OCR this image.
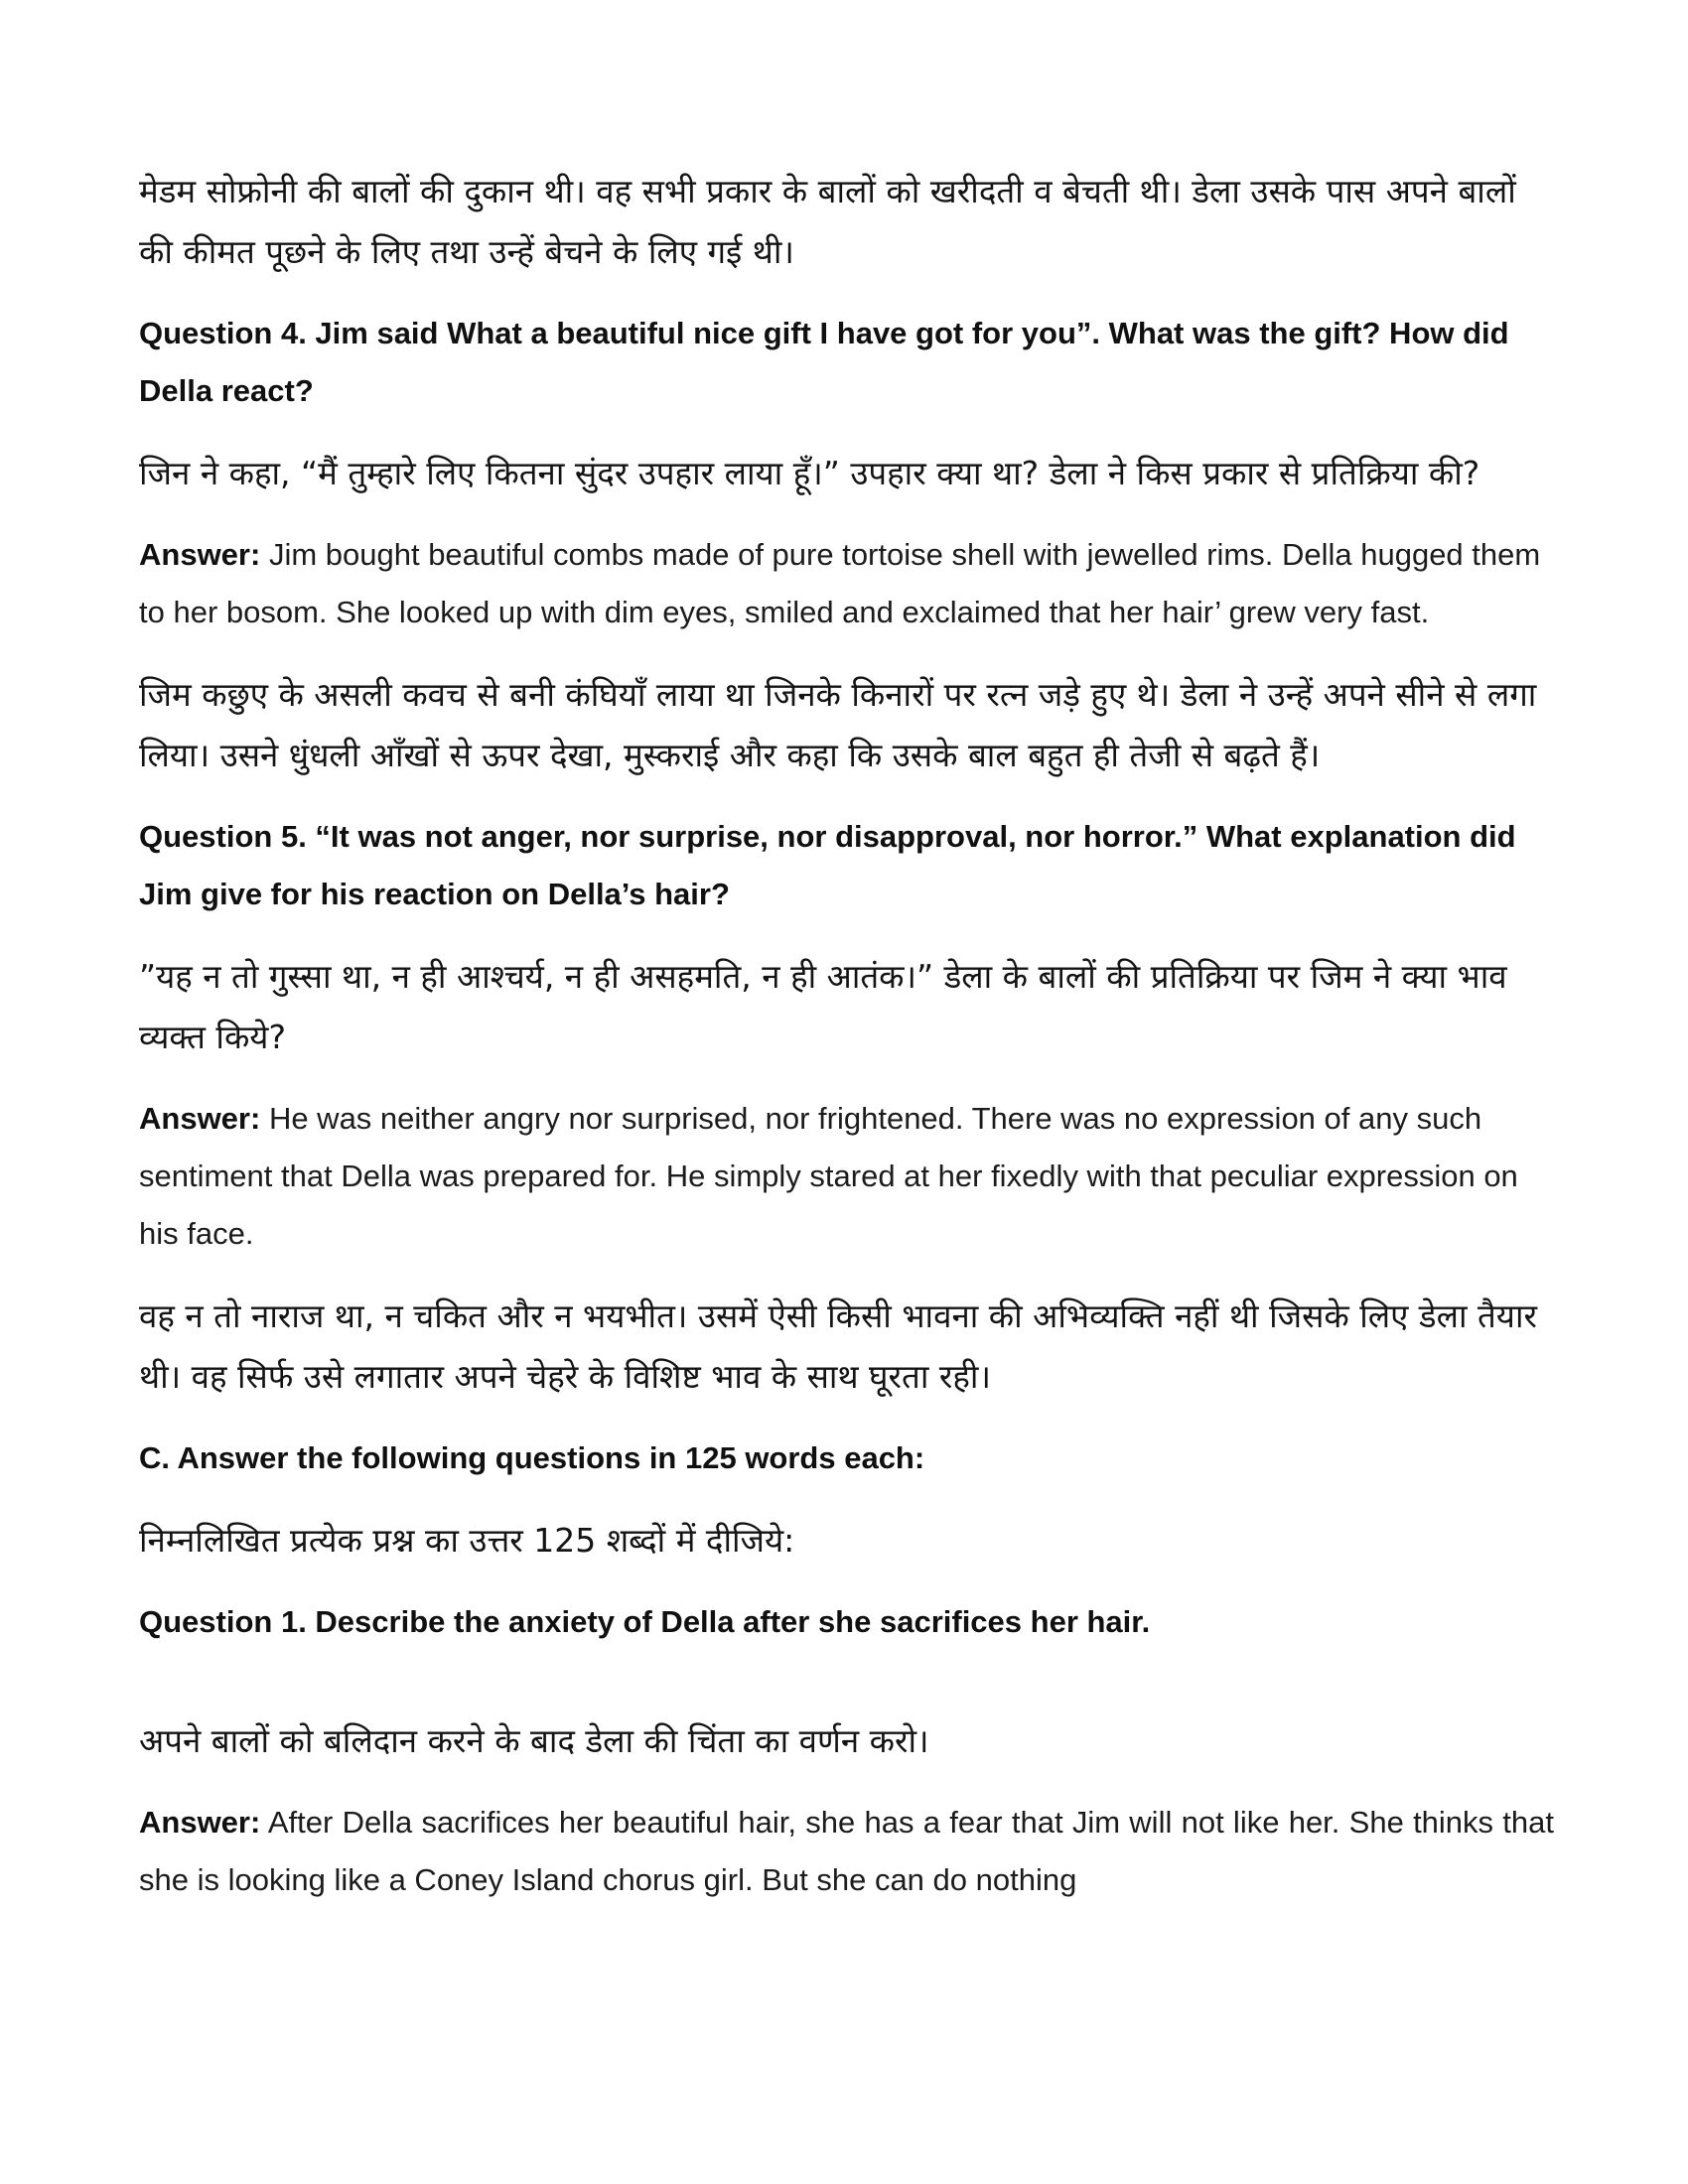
मेडम सोफ्रोनी की बालों की दुकान थी। वह सभी प्रकार के बालों को खरीदती व बेचती थी। डेला उसके पास अपने बालों की कीमत पूछने के लिए तथा उन्हें बेचने के लिए गई थी।

Question 4. Jim said What a beautiful nice gift I have got for you”. What was the gift? How did Della react?

जिन ने कहा, “मैं तुम्हारे लिए कितना सुंदर उपहार लाया हूँ।” उपहार क्या था? डेला ने किस प्रकार से प्रतिक्रिया की?

Answer: Jim bought beautiful combs made of pure tortoise shell with jewelled rims. Della hugged them to her bosom. She looked up with dim eyes, smiled and exclaimed that her hair’ grew very fast.

जिम कछुए के असली कवच से बनी कंघियाँ लाया था जिनके किनारों पर रत्न जड़े हुए थे। डेला ने उन्हें अपने सीने से लगा लिया। उसने धुंधली आँखों से ऊपर देखा, मुस्कराई और कहा कि उसके बाल बहुत ही तेजी से बढ़ते हैं।

Question 5. “It was not anger, nor surprise, nor disapproval, nor horror.” What explanation did Jim give for his reaction on Della’s hair?

”यह न तो गुस्सा था, न ही आश्चर्य, न ही असहमति, न ही आतंक।” डेला के बालों की प्रतिक्रिया पर जिम ने क्या भाव व्यक्त किये?

Answer: He was neither angry nor surprised, nor frightened. There was no expression of any such sentiment that Della was prepared for. He simply stared at her fixedly with that peculiar expression on his face.

वह न तो नाराज था, न चकित और न भयभीत। उसमें ऐसी किसी भावना की अभिव्यक्ति नहीं थी जिसके लिए डेला तैयार थी। वह सिर्फ उसे लगातार अपने चेहरे के विशिष्ट भाव के साथ घूरता रही।

C. Answer the following questions in 125 words each:

निम्नलिखित प्रत्येक प्रश्न का उत्तर 125 शब्दों में दीजिये:

Question 1. Describe the anxiety of Della after she sacrifices her hair.

अपने बालों को बलिदान करने के बाद डेला की चिंता का वर्णन करो।

Answer: After Della sacrifices her beautiful hair, she has a fear that Jim will not like her. She thinks that she is looking like a Coney Island chorus girl. But she can do nothing
